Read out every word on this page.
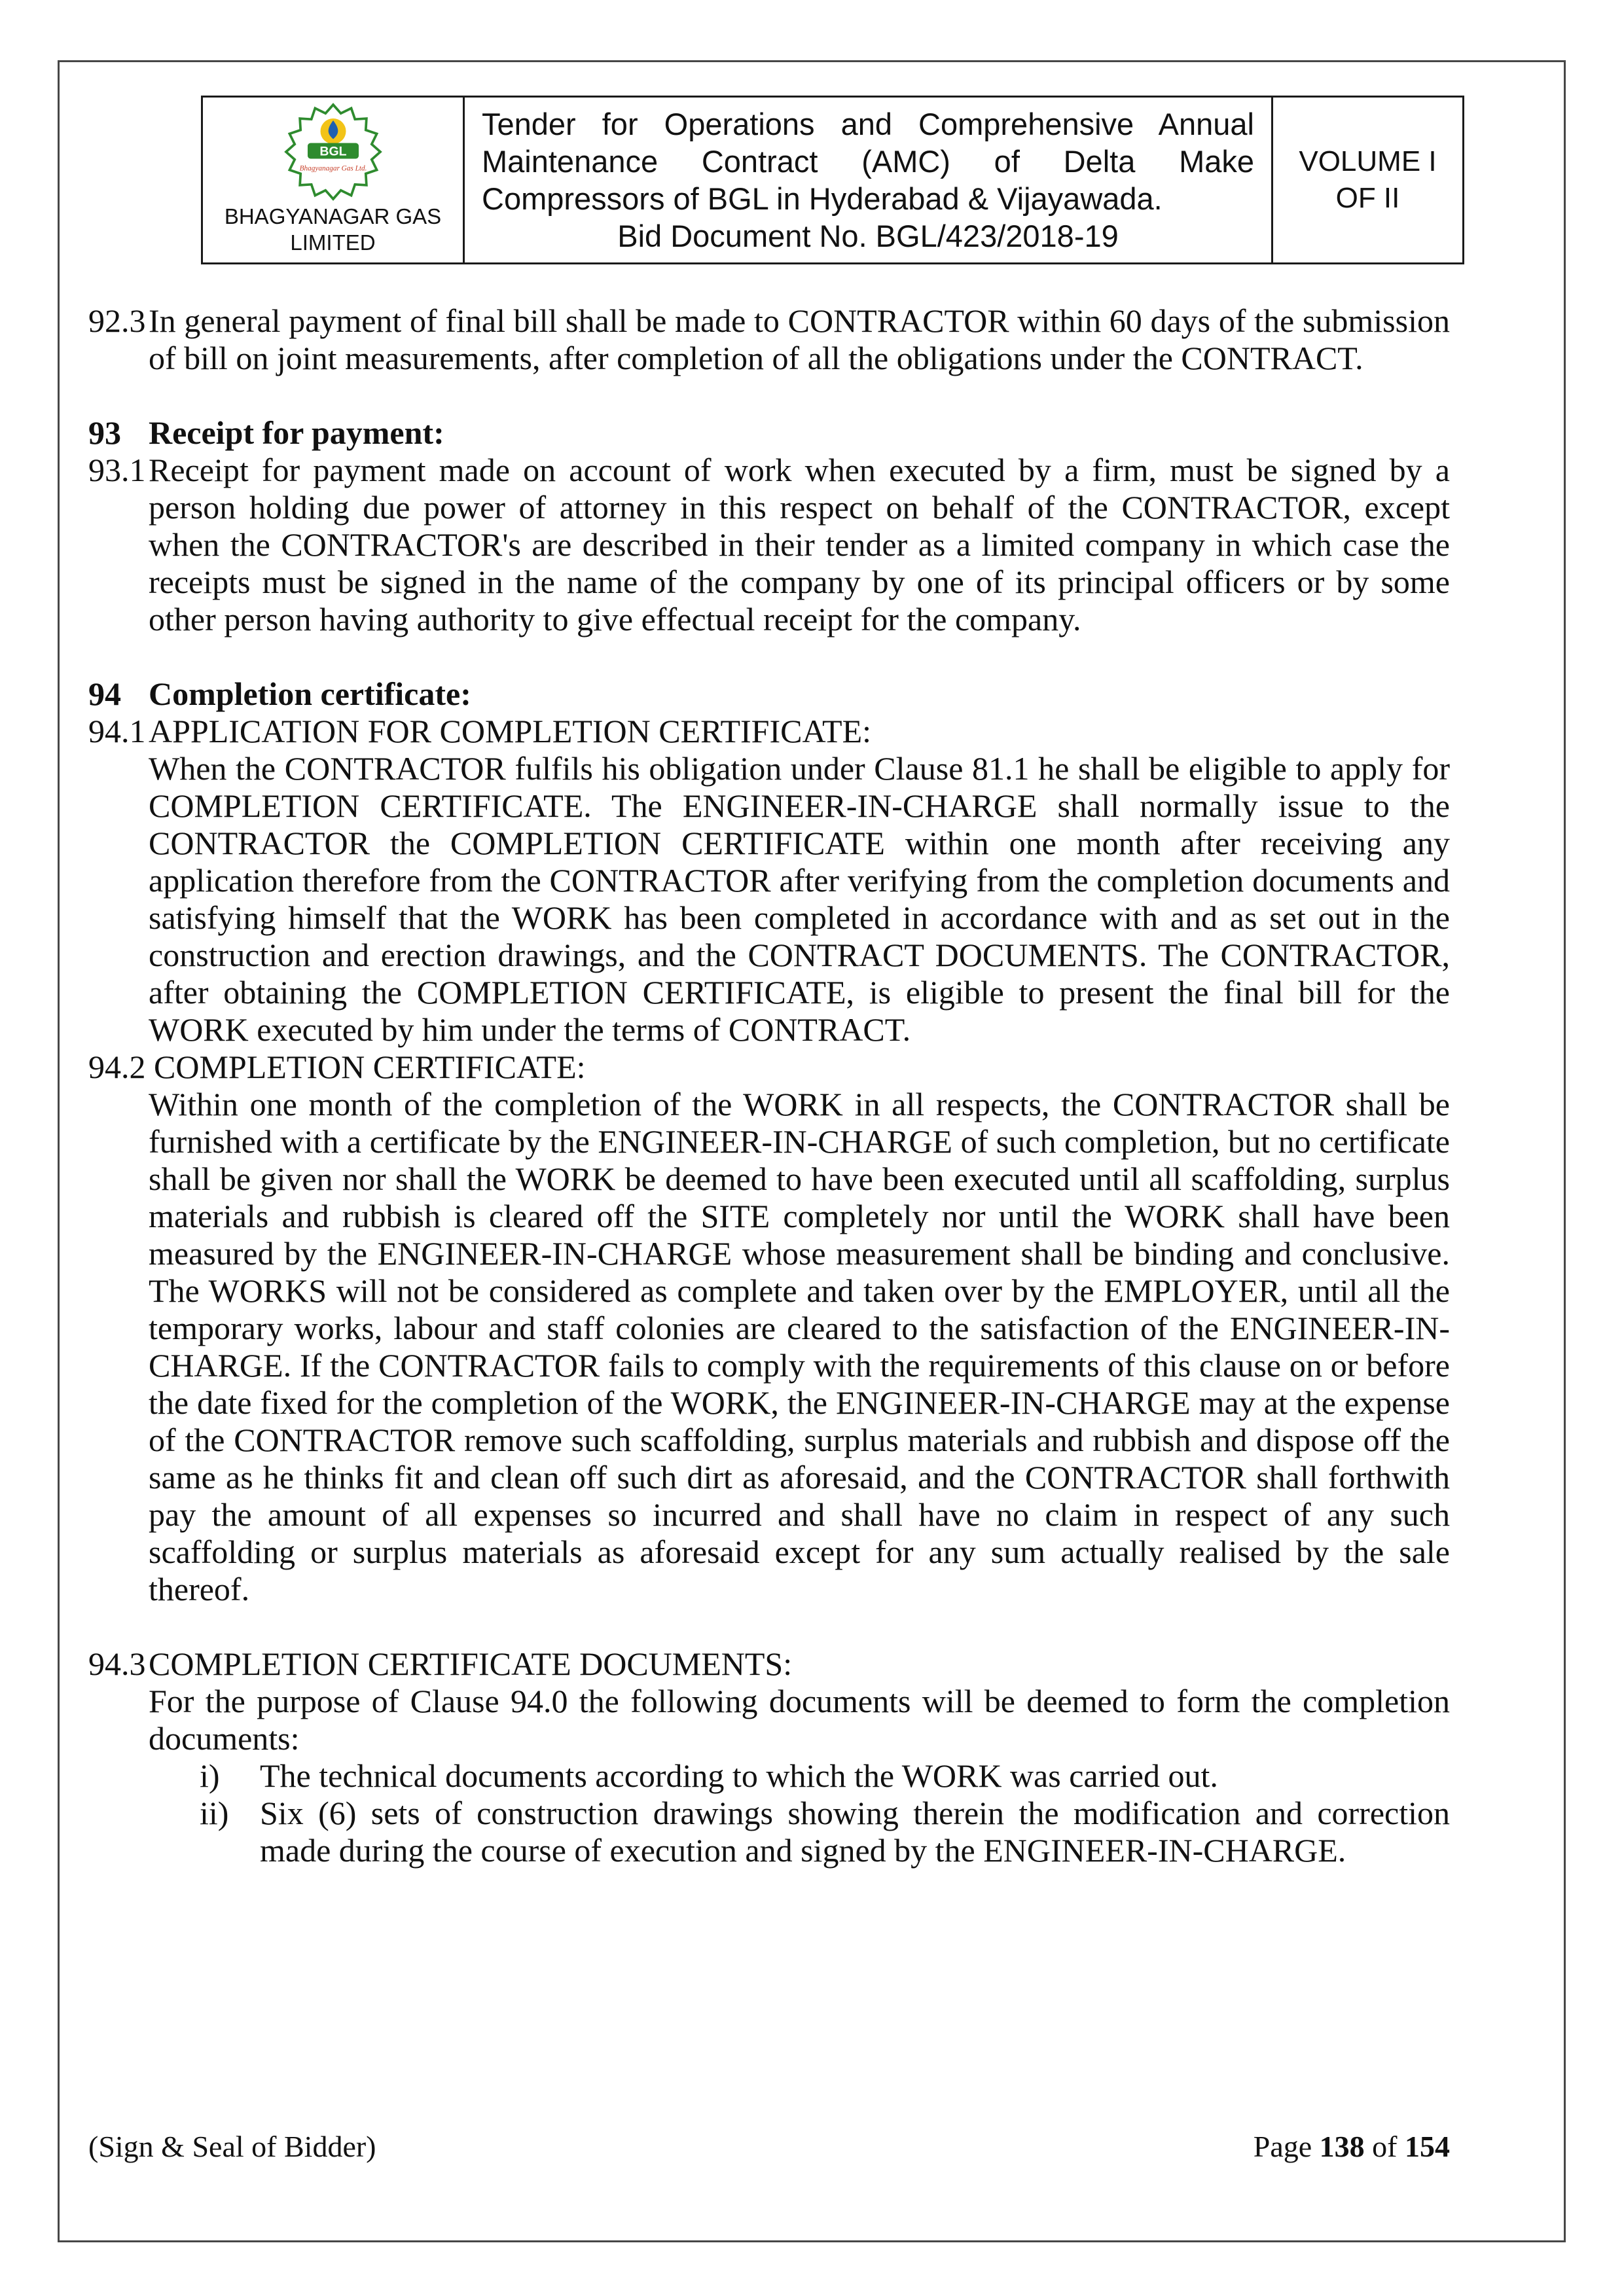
BGL
Bhagyanagar Gas Ltd.
BHAGYANAGAR GAS LIMITED
Tender for Operations and Comprehensive Annual Maintenance Contract (AMC) of Delta Make Compressors of BGL in Hyderabad & Vijayawada.
Bid Document No. BGL/423/2018-19
VOLUME I
OF II
92.3 In general payment of final bill shall be made to CONTRACTOR within 60 days of the submission of bill on joint measurements, after completion of all the obligations under the CONTRACT.
93 Receipt for payment:
93.1 Receipt for payment made on account of work when executed by a firm, must be signed by a person holding due power of attorney in this respect on behalf of the CONTRACTOR, except when the CONTRACTOR's are described in their tender as a limited company in which case the receipts must be signed in the name of the company by one of its principal officers or by some other person having authority to give effectual receipt for the company.
94 Completion certificate:
94.1 APPLICATION FOR COMPLETION CERTIFICATE:
When the CONTRACTOR fulfils his obligation under Clause 81.1 he shall be eligible to apply for COMPLETION CERTIFICATE. The ENGINEER-IN-CHARGE shall normally issue to the CONTRACTOR the COMPLETION CERTIFICATE within one month after receiving any application therefore from the CONTRACTOR after verifying from the completion documents and satisfying himself that the WORK has been completed in accordance with and as set out in the construction and erection drawings, and the CONTRACT DOCUMENTS. The CONTRACTOR, after obtaining the COMPLETION CERTIFICATE, is eligible to present the final bill for the WORK executed by him under the terms of CONTRACT.
94.2 COMPLETION CERTIFICATE:
Within one month of the completion of the WORK in all respects, the CONTRACTOR shall be furnished with a certificate by the ENGINEER-IN-CHARGE of such completion, but no certificate shall be given nor shall the WORK be deemed to have been executed until all scaffolding, surplus materials and rubbish is cleared off the SITE completely nor until the WORK shall have been measured by the ENGINEER-IN-CHARGE whose measurement shall be binding and conclusive. The WORKS will not be considered as complete and taken over by the EMPLOYER, until all the temporary works, labour and staff colonies are cleared to the satisfaction of the ENGINEER-IN-CHARGE. If the CONTRACTOR fails to comply with the requirements of this clause on or before the date fixed for the completion of the WORK, the ENGINEER-IN-CHARGE may at the expense of the CONTRACTOR remove such scaffolding, surplus materials and rubbish and dispose off the same as he thinks fit and clean off such dirt as aforesaid, and the CONTRACTOR shall forthwith pay the amount of all expenses so incurred and shall have no claim in respect of any such scaffolding or surplus materials as aforesaid except for any sum actually realised by the sale thereof.
94.3 COMPLETION CERTIFICATE DOCUMENTS:
For the purpose of Clause 94.0 the following documents will be deemed to form the completion documents:
i)	The technical documents according to which the WORK was carried out.
ii) Six (6) sets of construction drawings showing therein the modification and correction made during the course of execution and signed by the ENGINEER-IN-CHARGE.
(Sign & Seal of Bidder)	Page 138 of 154
